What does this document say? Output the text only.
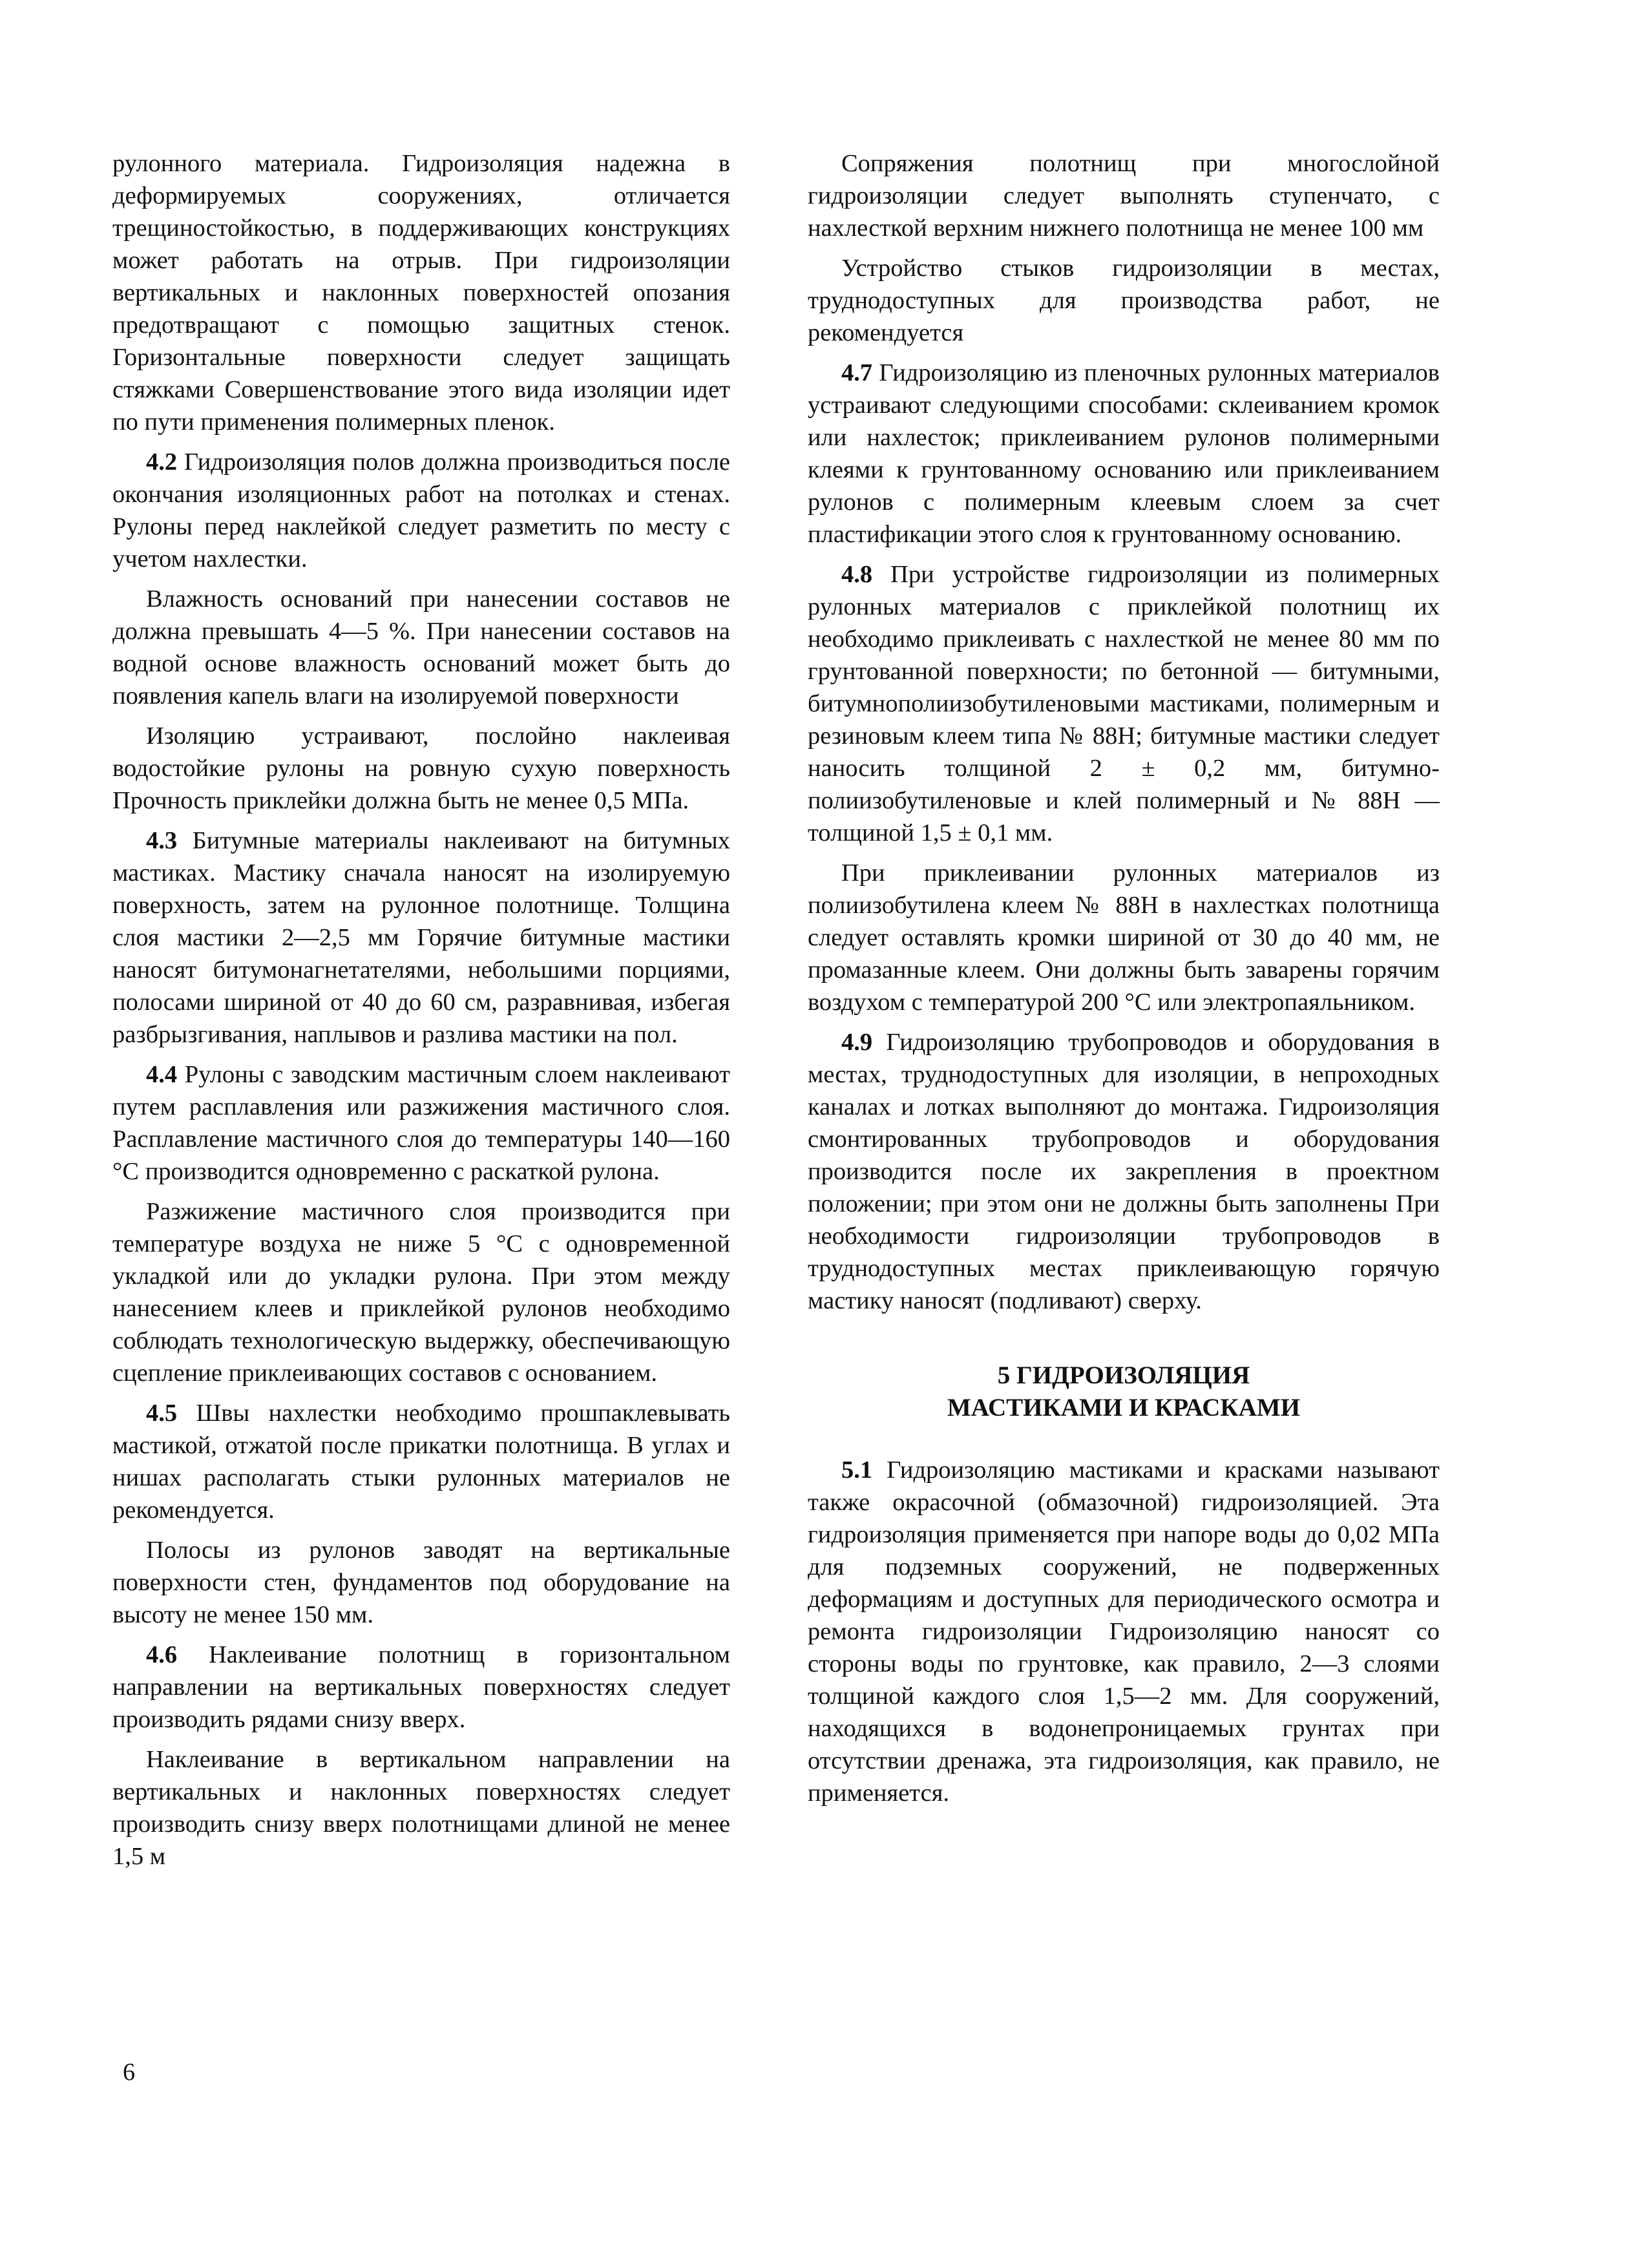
рулонного материала. Гидроизоляция надежна в деформируемых сооружениях, отличается трещиностойкостью, в поддерживающих конструкциях может работать на отрыв. При гидроизоляции вертикальных и наклонных поверхностей опозания предотвращают с помощью защитных стенок. Горизонтальные поверхности следует защищать стяжками Совершенствование этого вида изоляции идет по пути применения полимерных пленок.

4.2 Гидроизоляция полов должна производиться после окончания изоляционных работ на потолках и стенах. Рулоны перед наклейкой следует разметить по месту с учетом нахлестки.

Влажность оснований при нанесении составов не должна превышать 4—5 %. При нанесении составов на водной основе влажность оснований может быть до появления капель влаги на изолируемой поверхности

Изоляцию устраивают, послойно наклеивая водостойкие рулоны на ровную сухую поверхность Прочность приклейки должна быть не менее 0,5 МПа.

4.3 Битумные материалы наклеивают на битумных мастиках. Мастику сначала наносят на изолируемую поверхность, затем на рулонное полотнище. Толщина слоя мастики 2—2,5 мм Горячие битумные мастики наносят битумонагнетателями, небольшими порциями, полосами шириной от 40 до 60 см, разравнивая, избегая разбрызгивания, наплывов и разлива мастики на пол.

4.4 Рулоны с заводским мастичным слоем наклеивают путем расплавления или разжижения мастичного слоя. Расплавление мастичного слоя до температуры 140—160 °С производится одновременно с раскаткой рулона.

Разжижение мастичного слоя производится при температуре воздуха не ниже 5 °С с одновременной укладкой или до укладки рулона. При этом между нанесением клеев и приклейкой рулонов необходимо соблюдать технологическую выдержку, обеспечивающую сцепление приклеивающих составов с основанием.

4.5 Швы нахлестки необходимо прошпаклевывать мастикой, отжатой после прикатки полотнища. В углах и нишах располагать стыки рулонных материалов не рекомендуется.

Полосы из рулонов заводят на вертикальные поверхности стен, фундаментов под оборудование на высоту не менее 150 мм.

4.6 Наклеивание полотнищ в горизонтальном направлении на вертикальных поверхностях следует производить рядами снизу вверх.

Наклеивание в вертикальном направлении на вертикальных и наклонных поверхностях следует производить снизу вверх полотнищами длиной не менее 1,5 м

Сопряжения полотнищ при многослойной гидроизоляции следует выполнять ступенчато, с нахлесткой верхним нижнего полотнища не менее 100 мм

Устройство стыков гидроизоляции в местах, труднодоступных для производства работ, не рекомендуется

4.7 Гидроизоляцию из пленочных рулонных материалов устраивают следующими способами: склеиванием кромок или нахлесток; приклеиванием рулонов полимерными клеями к грунтованному основанию или приклеиванием рулонов с полимерным клеевым слоем за счет пластификации этого слоя к грунтованному основанию.

4.8 При устройстве гидроизоляции из полимерных рулонных материалов с приклейкой полотнищ их необходимо приклеивать с нахлесткой не менее 80 мм по грунтованной поверхности; по бетонной — битумными, битумнополиизобутиленовыми мастиками, полимерным и резиновым клеем типа № 88Н; битумные мастики следует наносить толщиной 2 ± 0,2 мм, битумно-полиизобутиленовые и клей полимерный и № 88Н — толщиной 1,5 ± 0,1 мм.

При приклеивании рулонных материалов из полиизобутилена клеем № 88Н в нахлестках полотнища следует оставлять кромки шириной от 30 до 40 мм, не промазанные клеем. Они должны быть заварены горячим воздухом с температурой 200 °С или электропаяльником.

4.9 Гидроизоляцию трубопроводов и оборудования в местах, труднодоступных для изоляции, в непроходных каналах и лотках выполняют до монтажа. Гидроизоляция смонтированных трубопроводов и оборудования производится после их закрепления в проектном положении; при этом они не должны быть заполнены При необходимости гидроизоляции трубопроводов в труднодоступных местах приклеивающую горячую мастику наносят (подливают) сверху.

5 ГИДРОИЗОЛЯЦИЯ
МАСТИКАМИ И КРАСКАМИ

5.1 Гидроизоляцию мастиками и красками называют также окрасочной (обмазочной) гидроизоляцией. Эта гидроизоляция применяется при напоре воды до 0,02 МПа для подземных сооружений, не подверженных деформациям и доступных для периодического осмотра и ремонта гидроизоляции Гидроизоляцию наносят со стороны воды по грунтовке, как правило, 2—3 слоями толщиной каждого слоя 1,5—2 мм. Для сооружений, находящихся в водонепроницаемых грунтах при отсутствии дренажа, эта гидроизоляция, как правило, не применяется.

6
